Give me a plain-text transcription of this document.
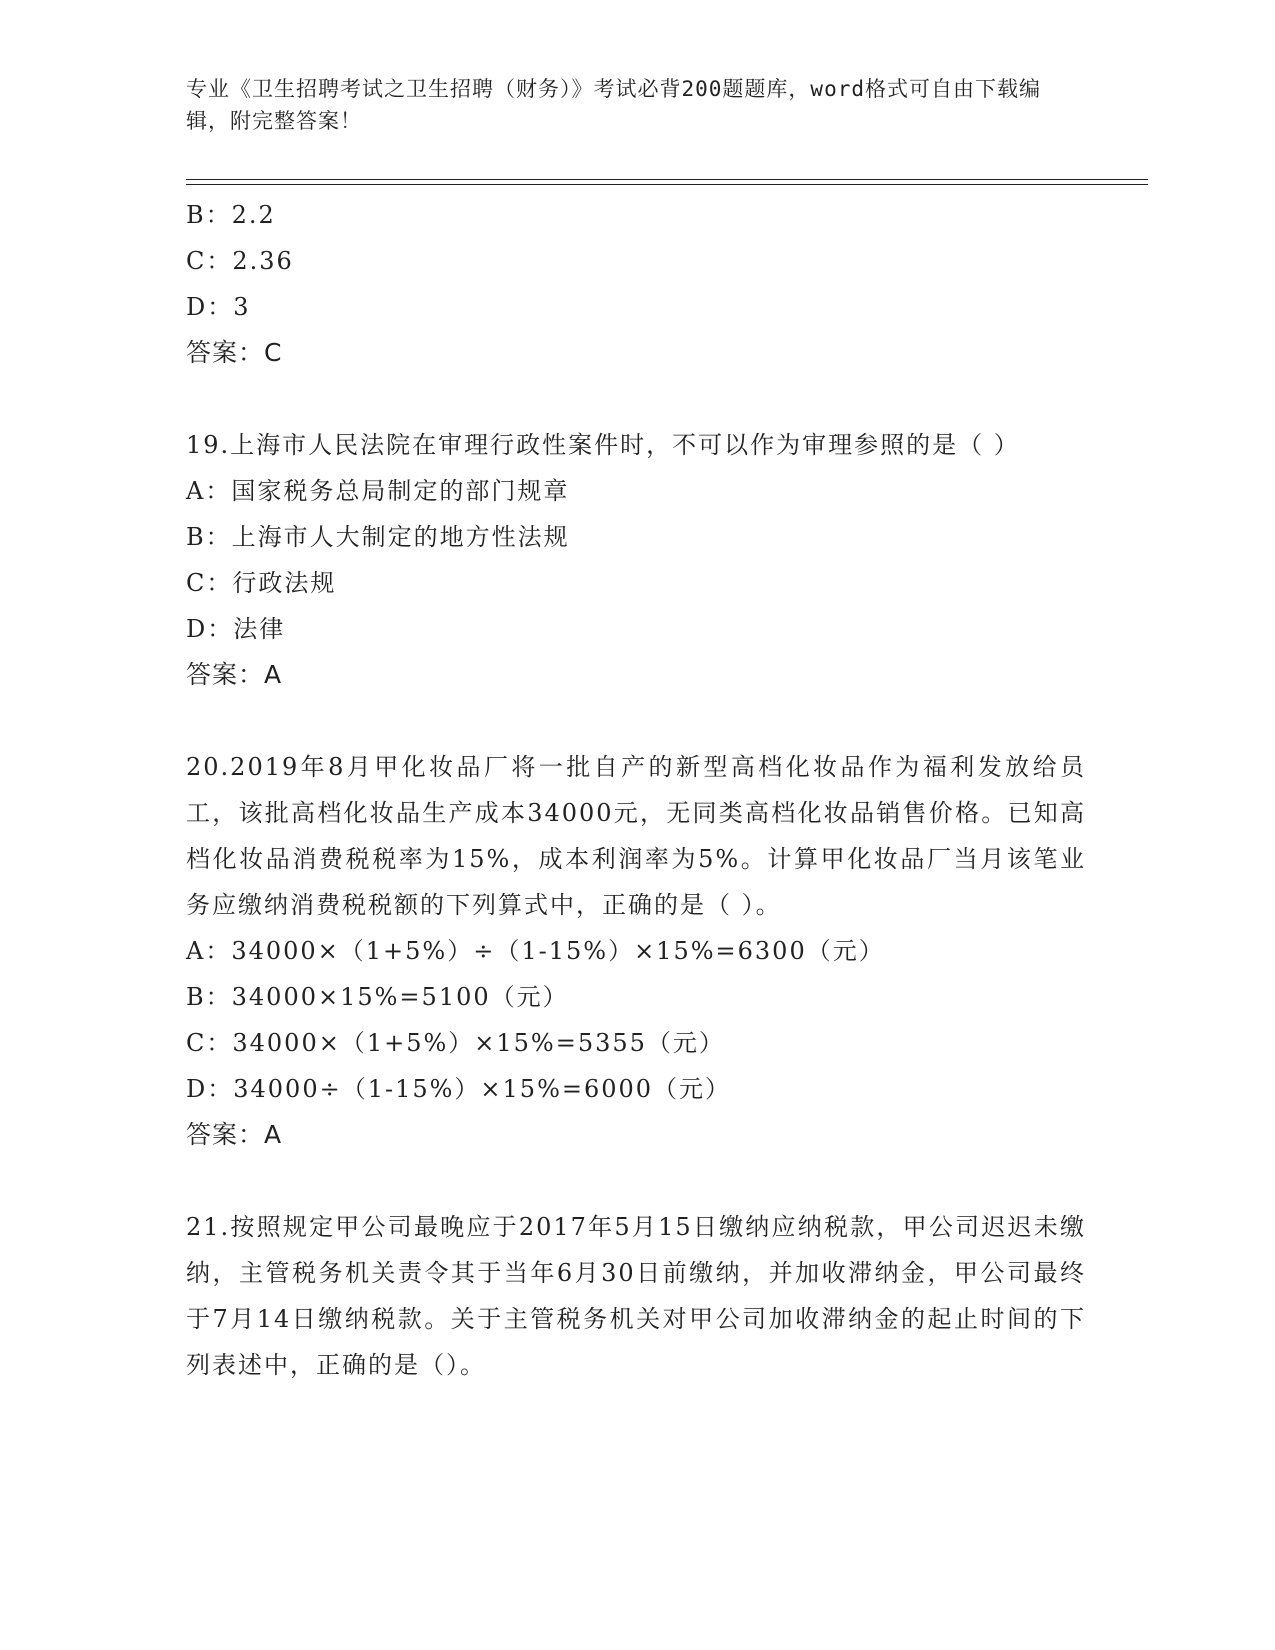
专业《卫生招聘考试之卫生招聘（财务）》考试必背200题题库，word格式可自由下载编辑，附完整答案！
B：2.2
C：2.36
D：3
答案：C
19.上海市人民法院在审理行政性案件时，不可以作为审理参照的是（ ）
A：国家税务总局制定的部门规章
B：上海市人大制定的地方性法规
C：行政法规
D：法律
答案：A
20.2019年8月甲化妆品厂将一批自产的新型高档化妆品作为福利发放给员工，该批高档化妆品生产成本34000元，无同类高档化妆品销售价格。已知高档化妆品消费税税率为15%，成本利润率为5%。计算甲化妆品厂当月该笔业务应缴纳消费税税额的下列算式中，正确的是（ ）。
A：34000×（1+5%）÷（1-15%）×15%=6300（元）
B：34000×15%=5100（元）
C：34000×（1+5%）×15%=5355（元）
D：34000÷（1-15%）×15%=6000（元）
答案：A
21.按照规定甲公司最晚应于2017年5月15日缴纳应纳税款，甲公司迟迟未缴纳，主管税务机关责令其于当年6月30日前缴纳，并加收滞纳金，甲公司最终于7月14日缴纳税款。关于主管税务机关对甲公司加收滞纳金的起止时间的下列表述中，正确的是（）。
